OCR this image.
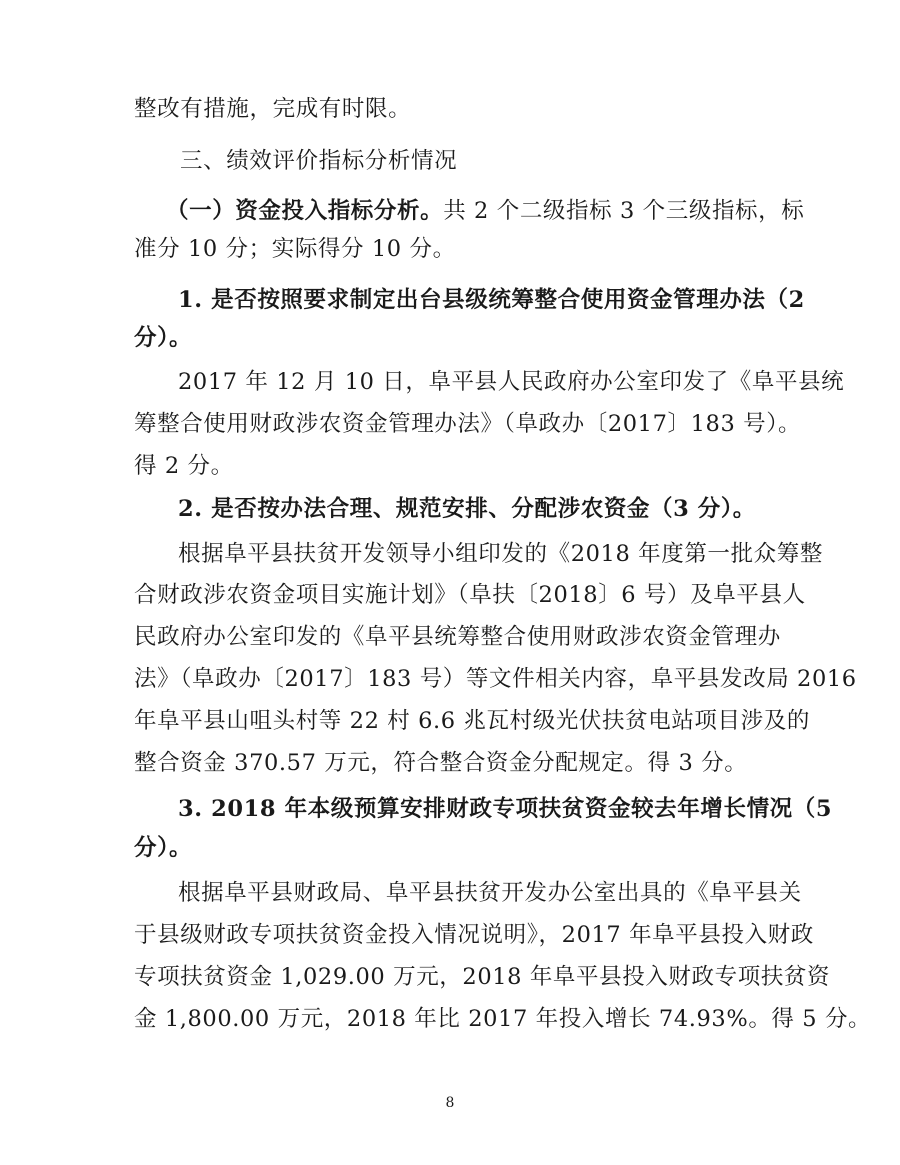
整改有措施，完成有时限。
三、绩效评价指标分析情况
（一）资金投入指标分析。共 2 个二级指标 3 个三级指标，标
准分 10 分；实际得分 10 分。
1. 是否按照要求制定出台县级统筹整合使用资金管理办法（2
分）。
2017 年 12 月 10 日，阜平县人民政府办公室印发了《阜平县统
筹整合使用财政涉农资金管理办法》（阜政办〔2017〕183 号）。
得 2 分。
2. 是否按办法合理、规范安排、分配涉农资金（3 分）。
根据阜平县扶贫开发领导小组印发的《2018 年度第一批众筹整
合财政涉农资金项目实施计划》（阜扶〔2018〕6 号）及阜平县人
民政府办公室印发的《阜平县统筹整合使用财政涉农资金管理办
法》（阜政办〔2017〕183 号）等文件相关内容，阜平县发改局 2016
年阜平县山咀头村等 22 村 6.6 兆瓦村级光伏扶贫电站项目涉及的
整合资金 370.57 万元，符合整合资金分配规定。得 3 分。
3. 2018 年本级预算安排财政专项扶贫资金较去年增长情况（5
分）。
根据阜平县财政局、阜平县扶贫开发办公室出具的《阜平县关
于县级财政专项扶贫资金投入情况说明》，2017 年阜平县投入财政
专项扶贫资金 1,029.00 万元，2018 年阜平县投入财政专项扶贫资
金 1,800.00 万元，2018 年比 2017 年投入增长 74.93%。得 5 分。
8
